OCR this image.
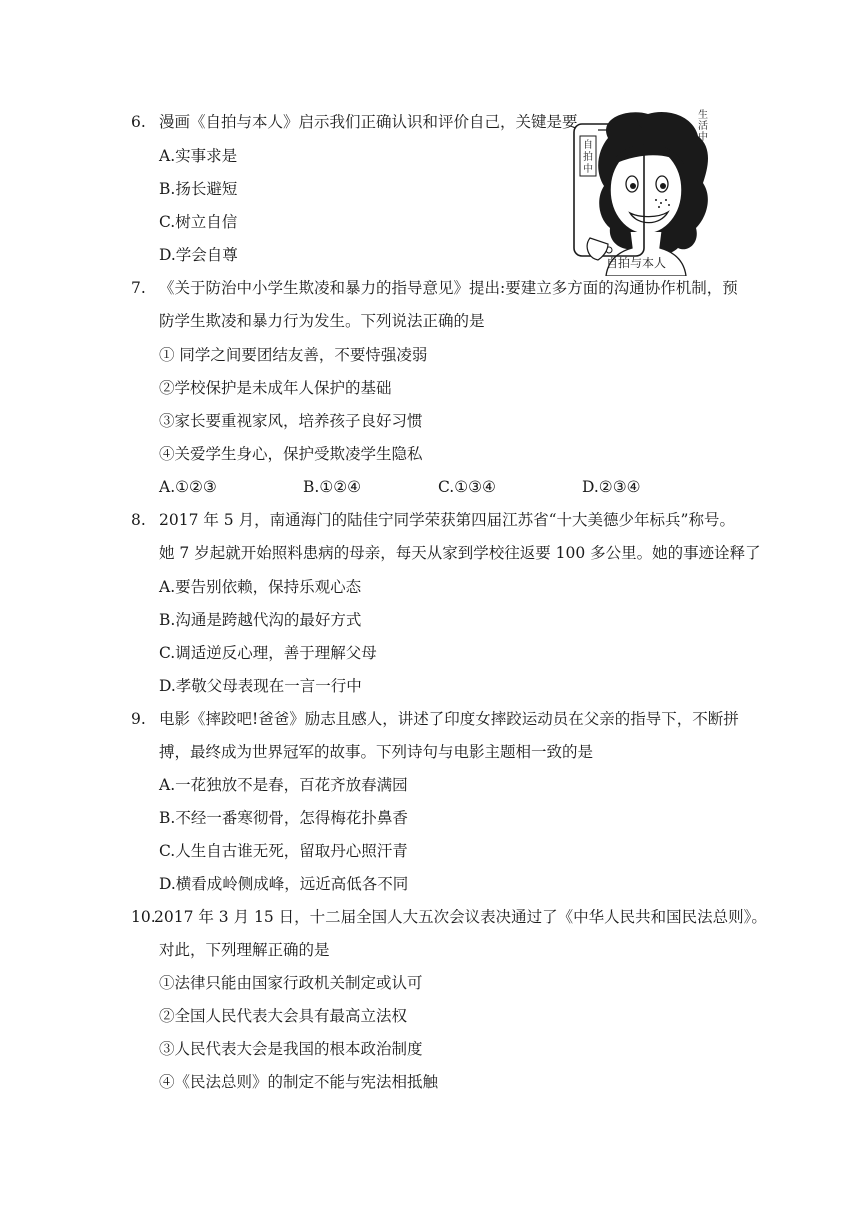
6. 漫画《自拍与本人》启示我们正确认识和评价自己，关键是要
A.实事求是
B.扬长避短
C.树立自信
D.学会自尊
自
拍
中
生活中
自拍与本人
7. 《关于防治中小学生欺凌和暴力的指导意见》提出:要建立多方面的沟通协作机制，预
防学生欺凌和暴力行为发生。下列说法正确的是
① 同学之间要团结友善，不要恃强凌弱
②学校保护是未成年人保护的基础
③家长要重视家风，培养孩子良好习惯
④关爱学生身心，保护受欺凌学生隐私
A.①②③	B.①②④	C.①③④	D.②③④
8. 2017 年 5 月，南通海门的陆佳宁同学荣获第四届江苏省“十大美德少年标兵”称号。
她 7 岁起就开始照料患病的母亲，每天从家到学校往返要 100 多公里。她的事迹诠释了
A.要告别依赖，保持乐观心态
B.沟通是跨越代沟的最好方式
C.调适逆反心理，善于理解父母
D.孝敬父母表现在一言一行中
9. 电影《摔跤吧!爸爸》励志且感人，讲述了印度女摔跤运动员在父亲的指导下，不断拼
搏，最终成为世界冠军的故事。下列诗句与电影主题相一致的是
A.一花独放不是春，百花齐放春满园
B.不经一番寒彻骨，怎得梅花扑鼻香
C.人生自古谁无死，留取丹心照汗青
D.横看成岭侧成峰，远近高低各不同
10.
2017 年 3 月 15 日，十二届全国人大五次会议表决通过了《中华人民共和国民法总则》。
对此，下列理解正确的是
①法律只能由国家行政机关制定或认可
②全国人民代表大会具有最高立法权
③人民代表大会是我国的根本政治制度
④《民法总则》的制定不能与宪法相抵触
